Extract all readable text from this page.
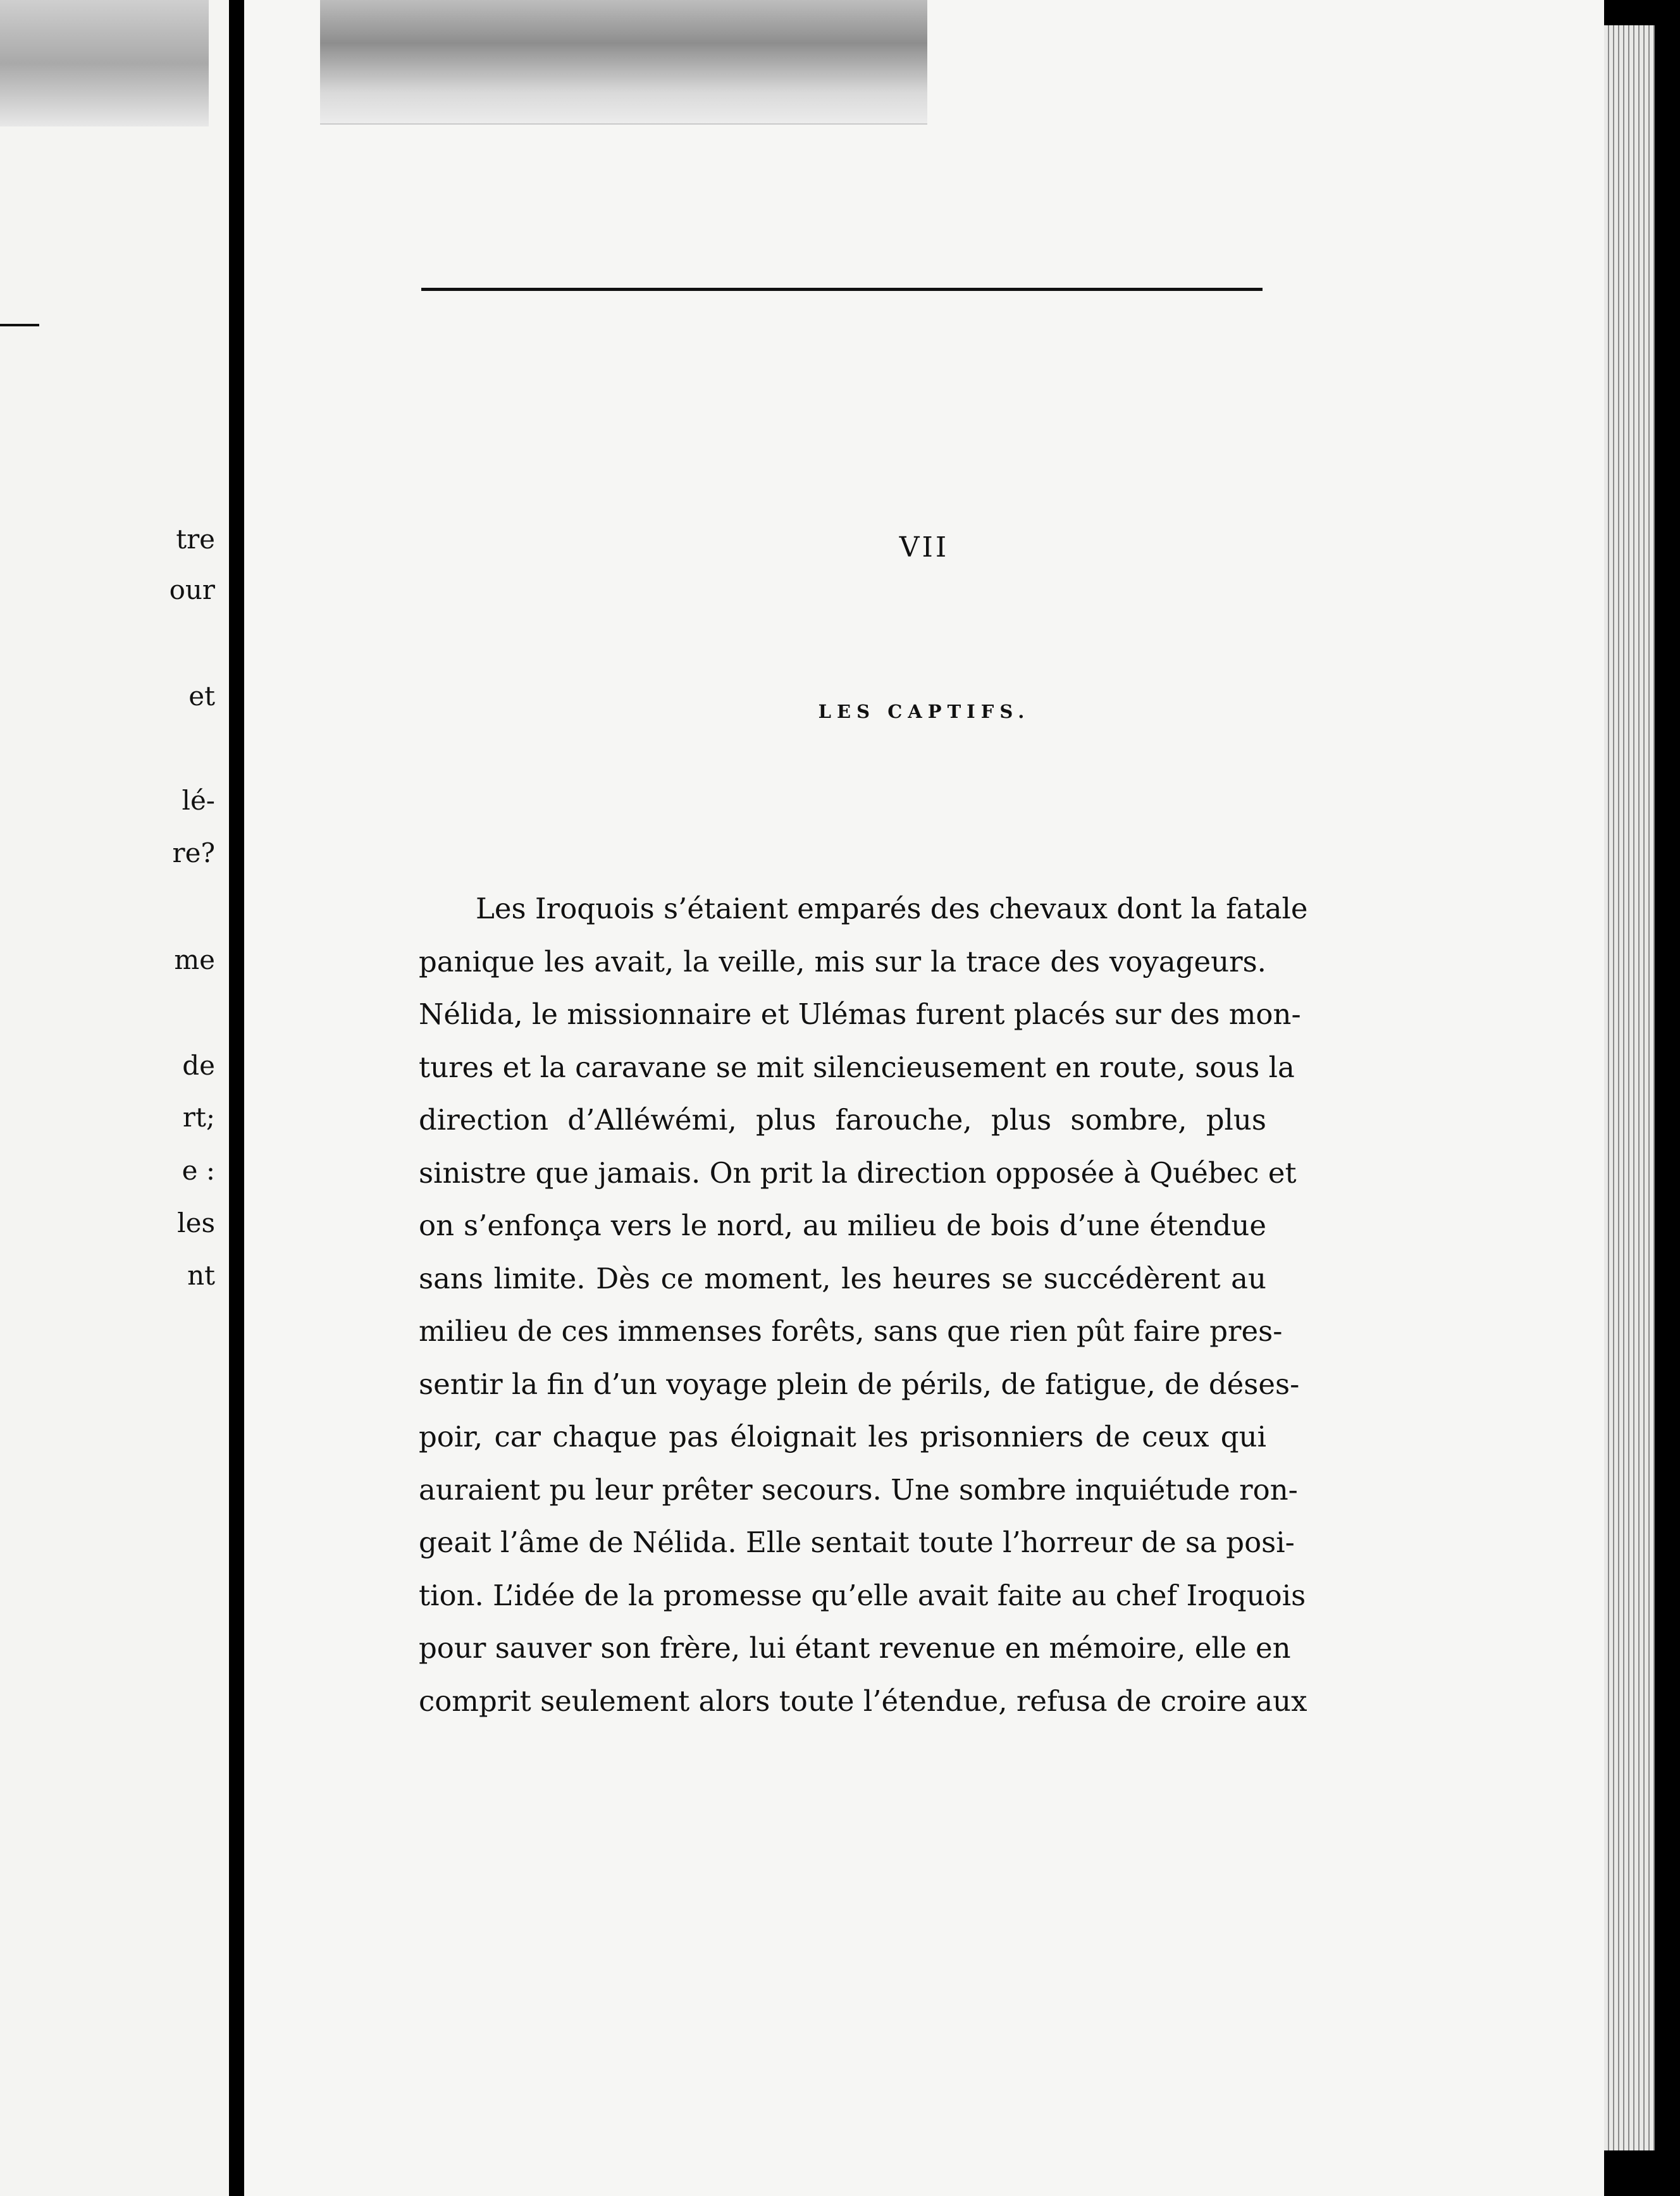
tre
our
et
lé-
re?
me
de
rt;
e :
les
nt
VII
LES CAPTIFS.
Les Iroquois s’étaient emparés des chevaux dont la fatale
panique les avait, la veille, mis sur la trace des voyageurs.
Nélida, le missionnaire et Ulémas furent placés sur des mon-
tures et la caravane se mit silencieusement en route, sous la
direction d’Alléwémi, plus farouche, plus sombre, plus
sinistre que jamais. On prit la direction opposée à Québec et
on s’enfonça vers le nord, au milieu de bois d’une étendue
sans limite. Dès ce moment, les heures se succédèrent au
milieu de ces immenses forêts, sans que rien pût faire pres-
sentir la fin d’un voyage plein de périls, de fatigue, de déses-
poir, car chaque pas éloignait les prisonniers de ceux qui
auraient pu leur prêter secours. Une sombre inquiétude ron-
geait l’âme de Nélida. Elle sentait toute l’horreur de sa posi-
tion. L’idée de la promesse qu’elle avait faite au chef Iroquois
pour sauver son frère, lui étant revenue en mémoire, elle en
comprit seulement alors toute l’étendue, refusa de croire aux
